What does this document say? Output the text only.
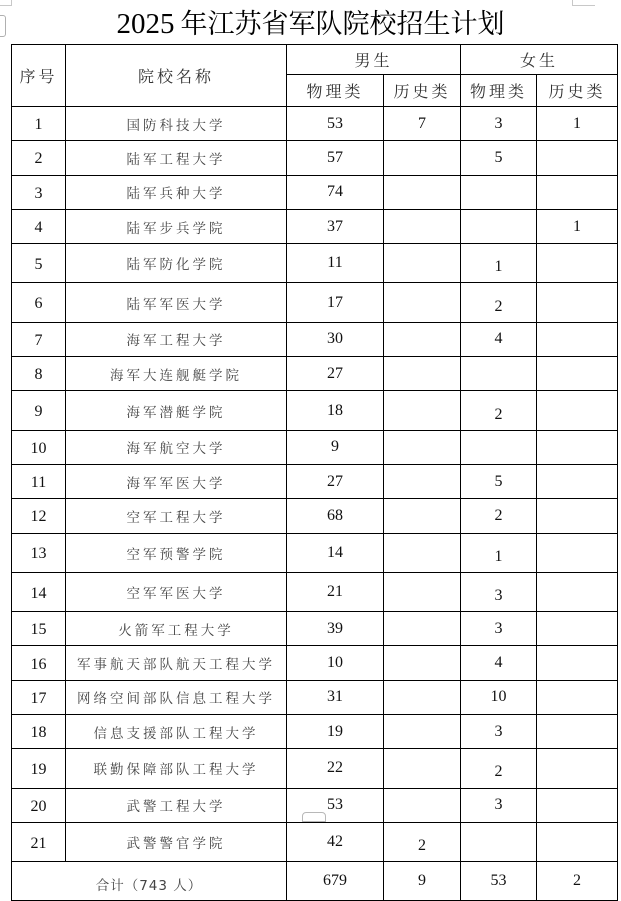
2025 年江苏省军队院校招生计划
序号	院校名称	男生		女生	
		物理类	历史类	物理类	历史类
1	国防科技大学	53	7	3	1
2	陆军工程大学	57		5	
3	陆军兵种大学	74			
4	陆军步兵学院	37			1
5	陆军防化学院	11		1	
6	陆军军医大学	17		2	
7	海军工程大学	30		4	
8	海军大连舰艇学院	27			
9	海军潜艇学院	18		2	
10	海军航空大学	9			
11	海军军医大学	27		5	
12	空军工程大学	68		2	
13	空军预警学院	14		1	
14	空军军医大学	21		3	
15	火箭军工程大学	39		3	
16	军事航天部队航天工程大学	10		4	
17	网络空间部队信息工程大学	31		10	
18	信息支援部队工程大学	19		3	
19	联勤保障部队工程大学	22		2	
20	武警工程大学	53		3	
21	武警警官学院	42	2		
合计（743 人）		679	9	53	2
